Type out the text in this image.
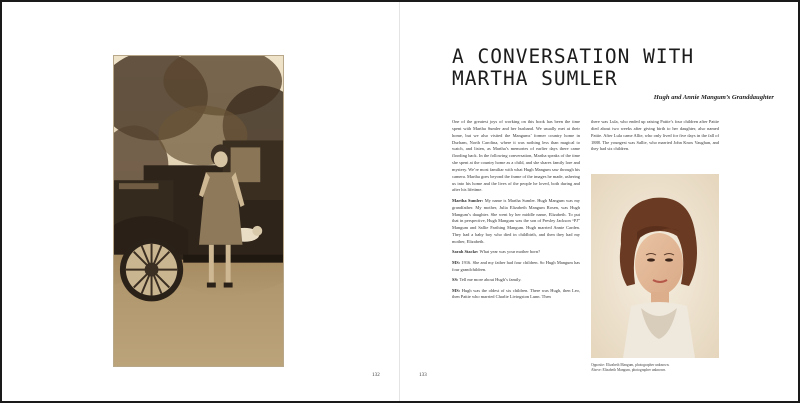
132	133
A CONVERSATION WITH MARTHA SUMLER
Hugh and Annie Mangum’s Granddaughter

One of the greatest joys of working on this book has been the time spent with Martha Sumler and her husband. We usually met at their home, but we also visited the Mangums’ former country home in Durham, North Carolina, where it was nothing less than magical to watch, and listen, as Martha’s memories of earlier days there came flooding back. In the following conversation, Martha speaks of the time she spent at the country home as a child, and she shares family lore and mystery. We’re most familiar with what Hugh Mangum saw through his camera. Martha goes beyond the frame of the images he made, ushering us into his home and the lives of the people he loved, both during and after his lifetime.

Martha Sumler: My name is Martha Sumler. Hugh Mangum was my grandfather. My mother, Julia Elizabeth Mangum Rosen, was Hugh Mangum’s daughter. She went by her middle name, Elizabeth. To put that in perspective, Hugh Mangum was the son of Presley Jackson “PJ” Mangum and Sallie Farthing Mangum. Hugh married Annie Carden. They had a baby boy who died in childbirth, and then they had my mother, Elizabeth.

Sarah Stacke: What year was your mother born?

MS: 1916. She and my father had four children. So Hugh Mangum has four grandchildren.

SS: Tell me more about Hugh’s family.

MS: Hugh was the oldest of six children. There was Hugh, then Leo, then Pattie who married Charlie Livingston Lunn. Then

there was Lula, who ended up raising Pattie’s four children after Pattie died about two weeks after giving birth to her daughter, also named Pattie. After Lula came Allie, who only lived for five days in the fall of 1888. The youngest was Sallie, who married John Knox Vaughan, and they had six children.

Opposite: Elizabeth Mangum, photographer unknown.
Above: Elizabeth Mangum, photographer unknown.
